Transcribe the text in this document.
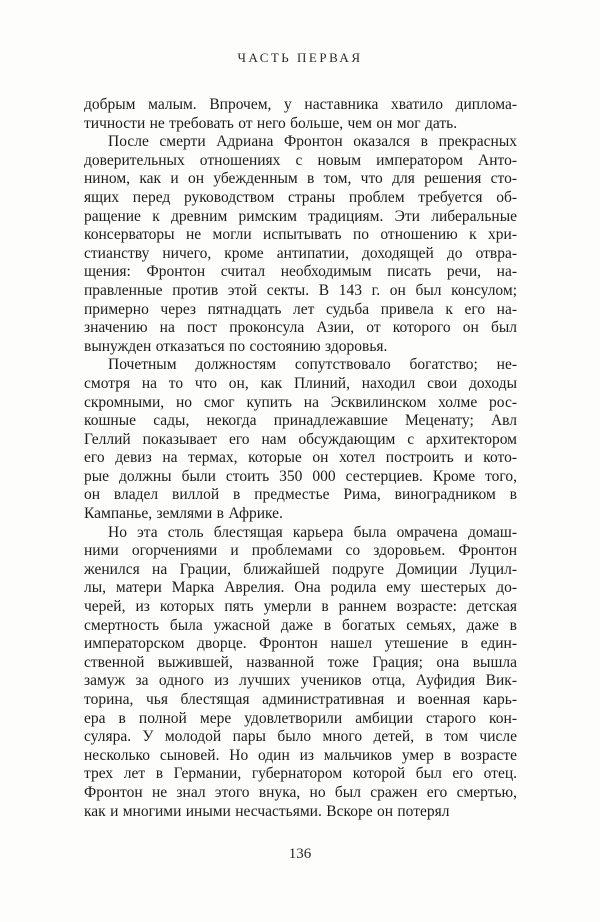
ЧАСТЬ ПЕРВАЯ
добрым малым. Впрочем, у наставника хватило диплома-
тичности не требовать от него больше, чем он мог дать.
После смерти Адриана Фронтон оказался в прекрасных
доверительных отношениях с новым императором Анто-
нином, как и он убежденным в том, что для решения сто-
ящих перед руководством страны проблем требуется об-
ращение к древним римским традициям. Эти либеральные
консерваторы не могли испытывать по отношению к хри-
стианству ничего, кроме антипатии, доходящей до отвра-
щения: Фронтон считал необходимым писать речи, на-
правленные против этой секты. В 143 г. он был консулом;
примерно через пятнадцать лет судьба привела к его на-
значению на пост проконсула Азии, от которого он был
вынужден отказаться по состоянию здоровья.
Почетным должностям сопутствовало богатство; не-
смотря на то что он, как Плиний, находил свои доходы
скромными, но смог купить на Эсквилинском холме рос-
кошные сады, некогда принадлежавшие Меценату; Авл
Геллий показывает его нам обсуждающим с архитектором
его девиз на термах, которые он хотел построить и кото-
рые должны были стоить 350 000 сестерциев. Кроме того,
он владел виллой в предместье Рима, виноградником в
Кампанье, землями в Африке.
Но эта столь блестящая карьера была омрачена домаш-
ними огорчениями и проблемами со здоровьем. Фронтон
женился на Грации, ближайшей подруге Домиции Луцил-
лы, матери Марка Аврелия. Она родила ему шестерых до-
черей, из которых пять умерли в раннем возрасте: детская
смертность была ужасной даже в богатых семьях, даже в
императорском дворце. Фронтон нашел утешение в един-
ственной выжившей, названной тоже Грация; она вышла
замуж за одного из лучших учеников отца, Ауфидия Вик-
торина, чья блестящая административная и военная карь-
ера в полной мере удовлетворили амбиции старого кон-
суляра. У молодой пары было много детей, в том числе
несколько сыновей. Но один из мальчиков умер в возрасте
трех лет в Германии, губернатором которой был его отец.
Фронтон не знал этого внука, но был сражен его смертью,
как и многими иными несчастьями. Вскоре он потерял
136
